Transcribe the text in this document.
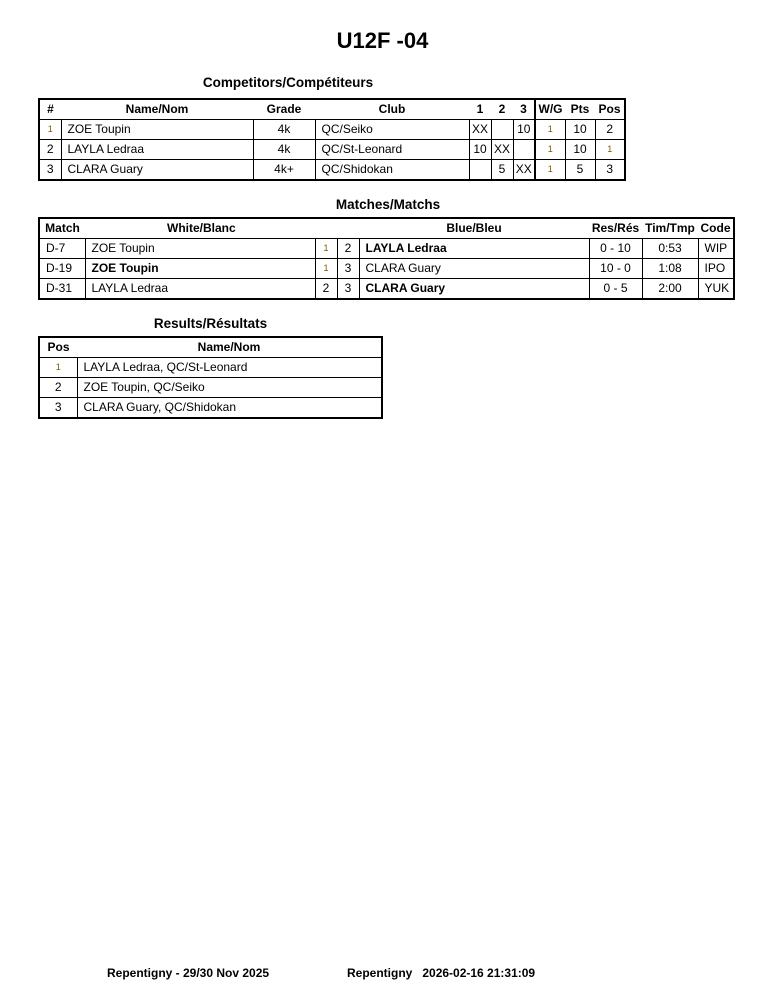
U12F -04
Competitors/Compétiteurs
#	Name/Nom	Grade	Club	1	2	3	W/G	Pts	Pos
1	ZOE Toupin	4k	QC/Seiko	XX		10	1	10	2
2	LAYLA Ledraa	4k	QC/St-Leonard	10	XX		1	10	1
3	CLARA Guary	4k+	QC/Shidokan		5	XX	1	5	3
Matches/Matchs
Match	White/Blanc			Blue/Bleu	Res/Rés	Tim/Tmp	Code
D-7	ZOE Toupin	1	2	LAYLA Ledraa	0 - 10	0:53	WIP
D-19	ZOE Toupin	1	3	CLARA Guary	10 - 0	1:08	IPO
D-31	LAYLA Ledraa	2	3	CLARA Guary	0 - 5	2:00	YUK
Results/Résultats
Pos	Name/Nom
1	LAYLA Ledraa, QC/St-Leonard
2	ZOE Toupin, QC/Seiko
3	CLARA Guary, QC/Shidokan
Repentigny - 29/30 Nov 2025	Repentigny   2026-02-16 21:31:09
